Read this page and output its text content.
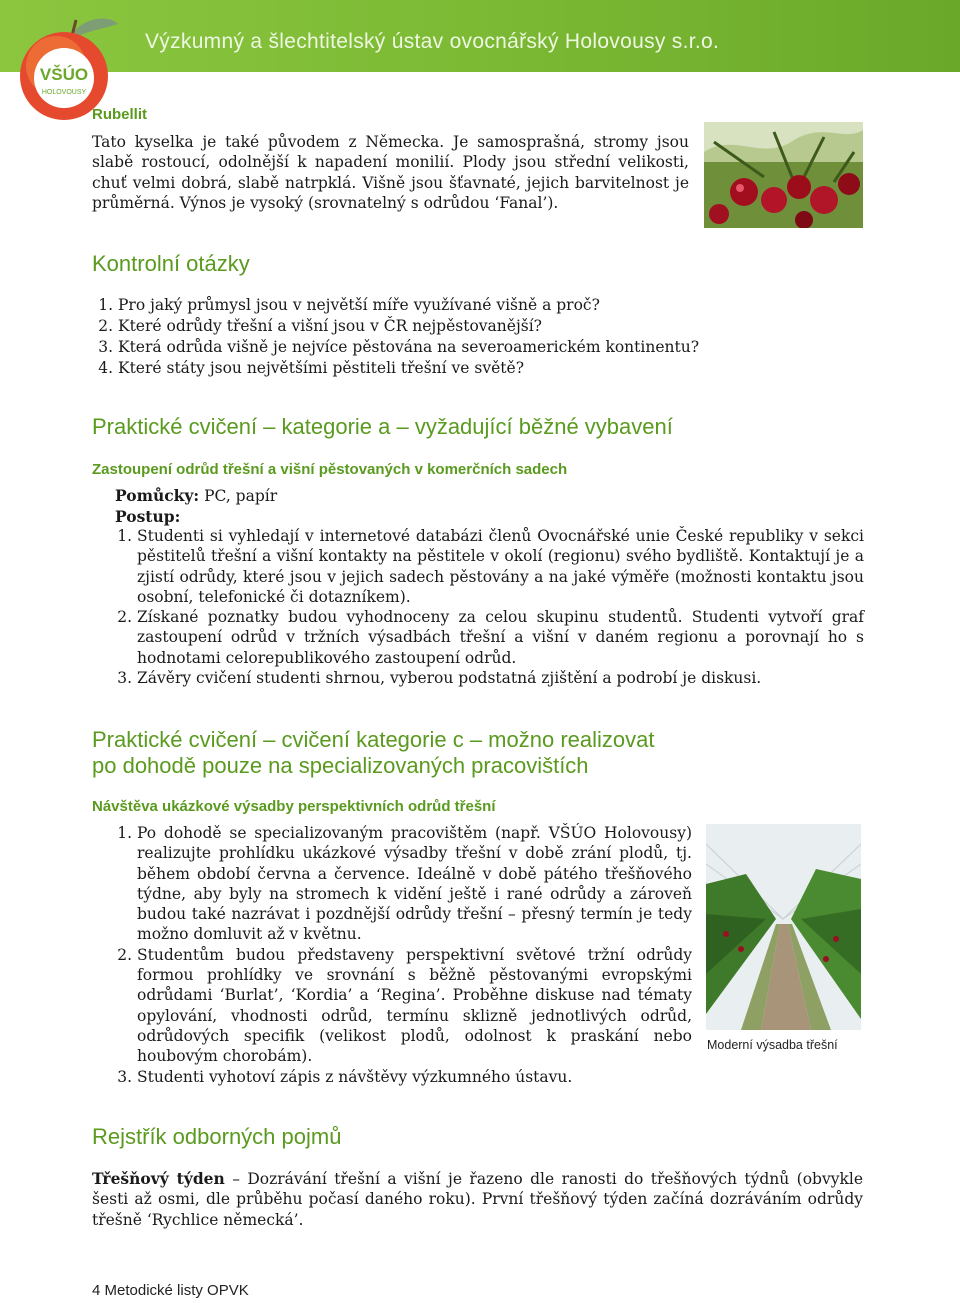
Výzkumný a šlechtitelský ústav ovocnářský Holovousy s.r.o.
VŠÚO
HOLOVOUSY
Rubellit

Tato kyselka je také původem z Německa. Je samosprašná, stromy jsou slabě rostoucí, odolnější k napadení monilií. Plody jsou střední velikosti, chuť velmi dobrá, slabě natrpklá. Višně jsou šťavnaté, jejich barvitelnost je průměrná. Výnos je vysoký (srovnatelný s odrůdou ‘Fanal’).

Kontrolní otázky
1. Pro jaký průmysl jsou v největší míře využívané višně a proč?
2. Které odrůdy třešní a višní jsou v ČR nejpěstovanější?
3. Která odrůda višně je nejvíce pěstována na severoamerickém kontinentu?
4. Které státy jsou největšími pěstiteli třešní ve světě?
Praktické cvičení – kategorie a – vyžadující běžné vybavení
Zastoupení odrůd třešní a višní pěstovaných v komerčních sadech
Pomůcky: PC, papír
Postup:
1. Studenti si vyhledají v internetové databázi členů Ovocnářské unie České republiky v sekci pěstitelů třešní a višní kontakty na pěstitele v okolí (regionu) svého bydliště. Kontaktují je a zjistí odrůdy, které jsou v jejich sadech pěstovány a na jaké výměře (možnosti kontaktu jsou osobní, telefonické či dotazníkem).
2. Získané poznatky budou vyhodnoceny za celou skupinu studentů. Studenti vytvoří graf zastoupení odrůd v tržních výsadbách třešní a višní v daném regionu a porovnají ho s hodnotami celorepublikového zastoupení odrůd.
3. Závěry cvičení studenti shrnou, vyberou podstatná zjištění a podrobí je diskusi.
Praktické cvičení – cvičení kategorie c – možno realizovat
po dohodě pouze na specializovaných pracovištích
Návštěva ukázkové výsadby perspektivních odrůd třešní
1. Po dohodě se specializovaným pracovištěm (např. VŠÚO Holovousy) realizujte prohlídku ukázkové výsadby třešní v době zrání plodů, tj. během období června a července. Ideálně v době pátého třešňového týdne, aby byly na stromech k vidění ještě i rané odrůdy a zároveň budou také nazrávat i pozdnější odrůdy třešní – přesný termín je tedy možno domluvit až v květnu.
2. Studentům budou představeny perspektivní světové tržní odrůdy formou prohlídky ve srovnání s běžně pěstovanými evropskými odrůdami ‘Burlat’, ‘Kordia’ a ‘Regina’. Proběhne diskuse nad tématy opylování, vhodnosti odrůd, termínu sklizně jednotlivých odrůd, odrůdových specifik (velikost plodů, odolnost k praskání nebo houbovým chorobám).
3. Studenti vyhotoví zápis z návštěvy výzkumného ústavu.
Moderní výsadba třešní
Rejstřík odborných pojmů

Třešňový týden – Dozrávání třešní a višní je řazeno dle ranosti do třešňových týdnů (obvykle šesti až osmi, dle průběhu počasí daného roku). První třešňový týden začíná dozráváním odrůdy třešně ‘Rychlice německá’.

4 Metodické listy OPVK
